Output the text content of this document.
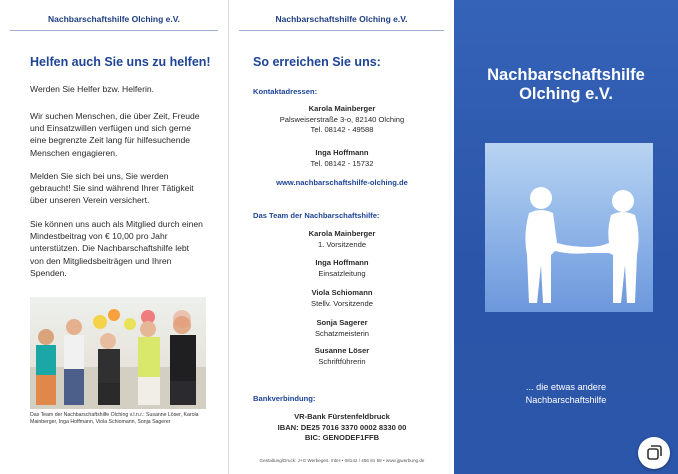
Nachbarschaftshilfe Olching e.V.
Helfen auch Sie uns zu helfen!
Werden Sie Helfer bzw. Helferin.
Wir suchen Menschen, die über Zeit, Freude und Einsatzwillen verfügen und sich gerne eine begrenzte Zeit lang für hilfesuchende Menschen engagieren.
Melden Sie sich bei uns, Sie werden gebraucht! Sie sind während Ihrer Tätigkeit über unseren Verein versichert.
Sie können uns auch als Mitglied durch einen Mindestbeitrag von € 10,00 pro Jahr unterstützen. Die Nachbarschaftshilfe lebt von den Mitgliedsbeiträgen und Ihren Spenden.
Das Team der Nachbarschaftshilfe Olching v.l.n.r.: Susanne Löser, Karola Mainberger, Inga Hoffmann, Viola Schiomann, Sonja Sagerer
Nachbarschaftshilfe Olching e.V.
So erreichen Sie uns:
Kontaktadressen:
Karola Mainberger
Palsweiserstraße 3-o, 82140 Olching
Tel. 08142 - 49588
Inga Hoffmann
Tel. 08142 - 15732
www.nachbarschaftshilfe-olching.de
Das Team der Nachbarschaftshilfe:
Karola Mainberger
1. Vorsitzende
Inga Hoffmann
Einsatzleitung
Viola Schiomann
Stellv. Vorsitzende
Sonja Sagerer
Schatzmeisterin
Susanne Löser
Schriftführerin
Bankverbindung:
VR-Bank Fürstenfeldbruck
IBAN: DE25 7016 3370 0002 8330 00
BIC: GENODEF1FFB
Gestaltung/Druck: J+G Werbeges. mbH • 08142 / 456 81 69 • www.jgwerbung.de
Nachbarschaftshilfe
Olching e.V.
... die etwas andere
Nachbarschaftshilfe
